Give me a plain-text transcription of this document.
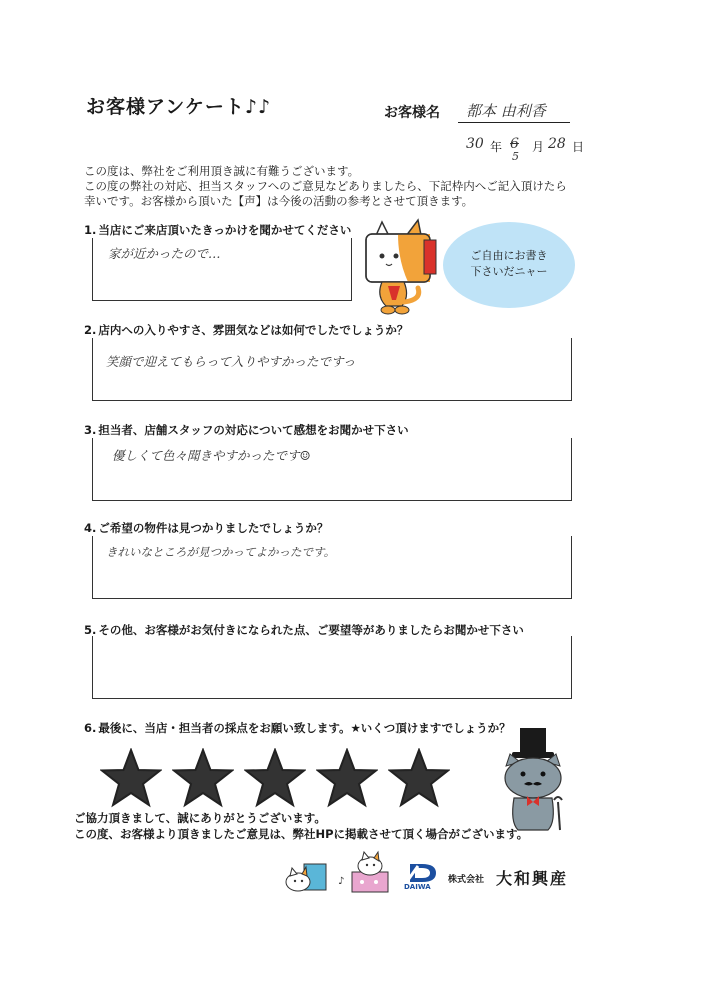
お客様アンケート♪♪	お客様名 都本 由利香
30 年 6
5
月 28 日
この度は、弊社をご利用頂き誠に有難うございます。
この度の弊社の対応、担当スタッフへのご意見などありましたら、下記枠内へご記入頂けたら
幸いです。お客様から頂いた【声】は今後の活動の参考とさせて頂きます。
1. 当店にご来店頂いたきっかけを聞かせてください
家が近かったので…	ご自由にお書き
下さいだニャー
2. 店内への入りやすさ、雰囲気などは如何でしたでしょうか？
笑顔で迎えてもらって入りやすかったですっ
3. 担当者、店舗スタッフの対応について感想をお聞かせ下さい
優しくて色々聞きやすかったです☺
4. ご希望の物件は見つかりましたでしょうか？
きれいなところが見つかってよかったです。
5. その他、お客様がお気付きになられた点、ご要望等がありましたらお聞かせ下さい
6. 最後に、当店・担当者の採点をお願い致します。★いくつ頂けますでしょうか？
ご協力頂きまして、誠にありがとうございます。
この度、お客様より頂きましたご意見は、弊社HPに掲載させて頂く場合がございます。
♪	DAIWA
株式会社 大和興産
